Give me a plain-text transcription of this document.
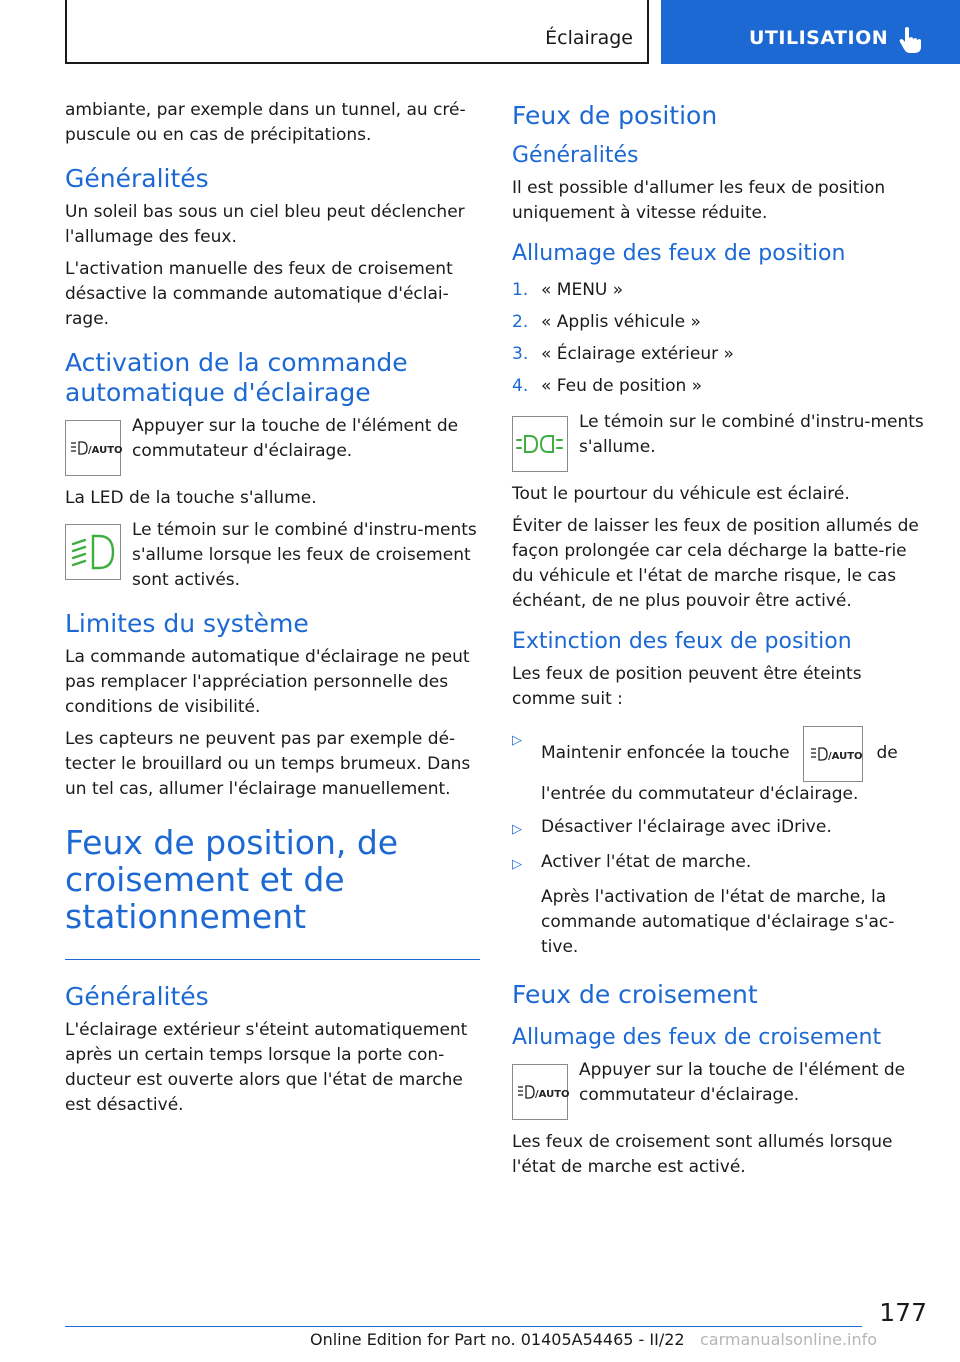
Éclairage	UTILISATION

ambiante, par exemple dans un tunnel, au cré-puscule ou en cas de précipitations.

Généralités

Un soleil bas sous un ciel bleu peut déclencher l'allumage des feux.

L'activation manuelle des feux de croisement désactive la commande automatique d'éclai-rage.

Activation de la commande automatique d'éclairage
/AUTO

Appuyer sur la touche de l'élément de commutateur d'éclairage.

La LED de la touche s'allume.

Le témoin sur le combiné d'instru-ments s'allume lorsque les feux de croisement sont activés.

Limites du système

La commande automatique d'éclairage ne peut pas remplacer l'appréciation personnelle des conditions de visibilité.

Les capteurs ne peuvent pas par exemple dé-tecter le brouillard ou un temps brumeux. Dans un tel cas, allumer l'éclairage manuellement.

Feux de position, de croisement et de stationnement
Généralités

L'éclairage extérieur s'éteint automatiquement après un certain temps lorsque la porte con-ducteur est ouverte alors que l'état de marche est désactivé.

Feux de position
Généralités

Il est possible d'allumer les feux de position uniquement à vitesse réduite.

Allumage des feux de position
1. « MENU »
2. « Applis véhicule »
3. « Éclairage extérieur »
4. « Feu de position »

Le témoin sur le combiné d'instru-ments s'allume.

Tout le pourtour du véhicule est éclairé.

Éviter de laisser les feux de position allumés de façon prolongée car cela décharge la batte-rie du véhicule et l'état de marche risque, le cas échéant, de ne plus pouvoir être activé.

Extinction des feux de position

Les feux de position peuvent être éteints comme suit :

▷
Maintenir enfoncée la touche	/AUTO de l'entrée du commutateur d'éclairage.
▷	Désactiver l'éclairage avec iDrive.
▷	Activer l'état de marche.

Après l'activation de l'état de marche, la commande automatique d'éclairage s'ac-tive.

Feux de croisement
Allumage des feux de croisement
/AUTO

Appuyer sur la touche de l'élément de commutateur d'éclairage.

Les feux de croisement sont allumés lorsque l'état de marche est activé.

177
Online Edition for Part no. 01405A54465 - II/22 carmanualsonline.info
